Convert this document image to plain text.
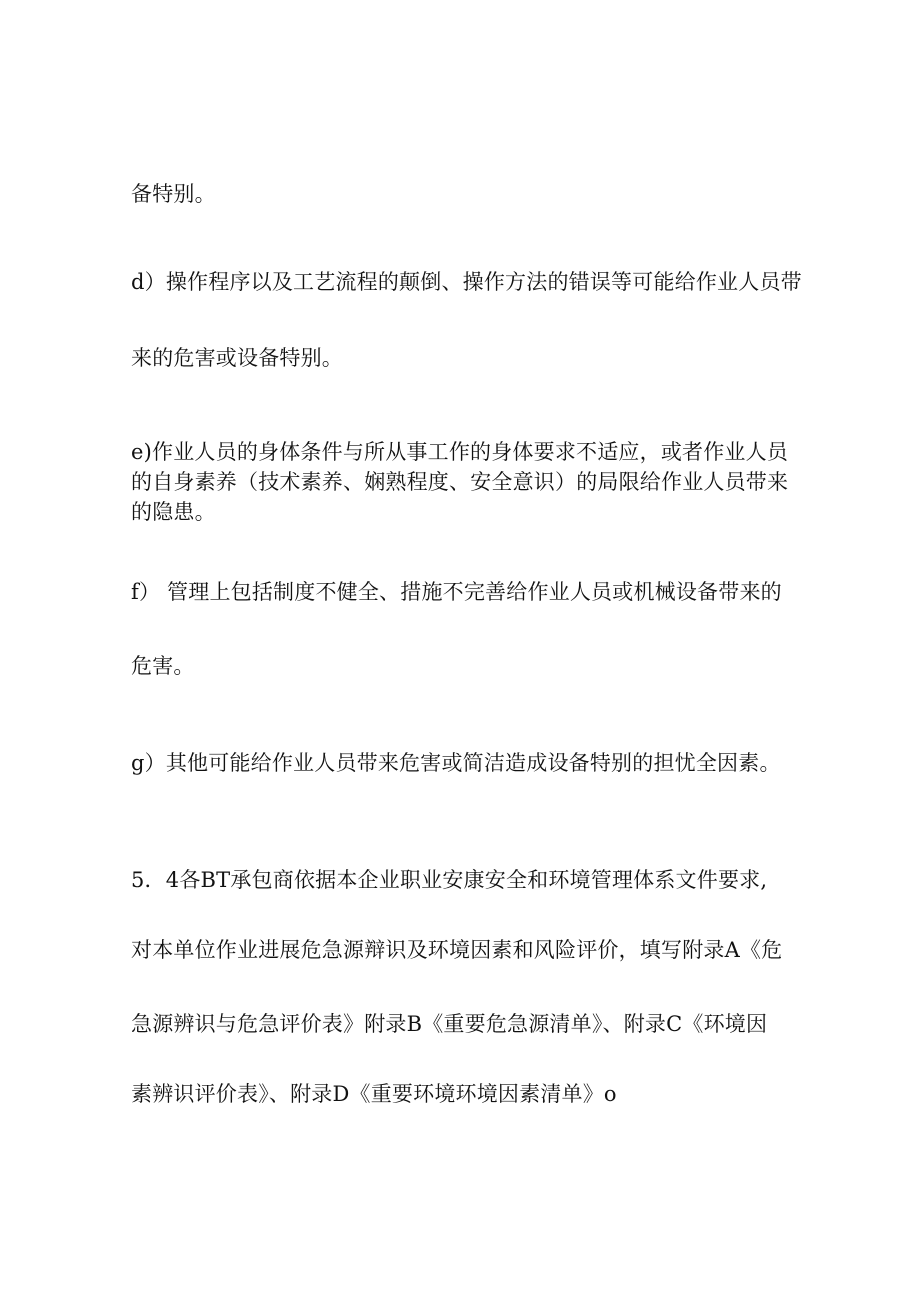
备特别。
d）操作程序以及工艺流程的颠倒、操作方法的错误等可能给作业人员带
来的危害或设备特别。
e)作业人员的身体条件与所从事工作的身体要求不适应，或者作业人员
的自身素养（技术素养、娴熟程度、安全意识）的局限给作业人员带来
的隐患。
f） 管理上包括制度不健全、措施不完善给作业人员或机械设备带来的
危害。
g）其他可能给作业人员带来危害或简洁造成设备特别的担忧全因素。
5．4各BT承包商依据本企业职业安康安全和环境管理体系文件要求,
对本单位作业进展危急源辩识及环境因素和风险评价，填写附录A《危
急源辨识与危急评价表》附录B《重要危急源清单》、附录C《环境因
素辨识评价表》、附录D《重要环境环境因素清单》o
